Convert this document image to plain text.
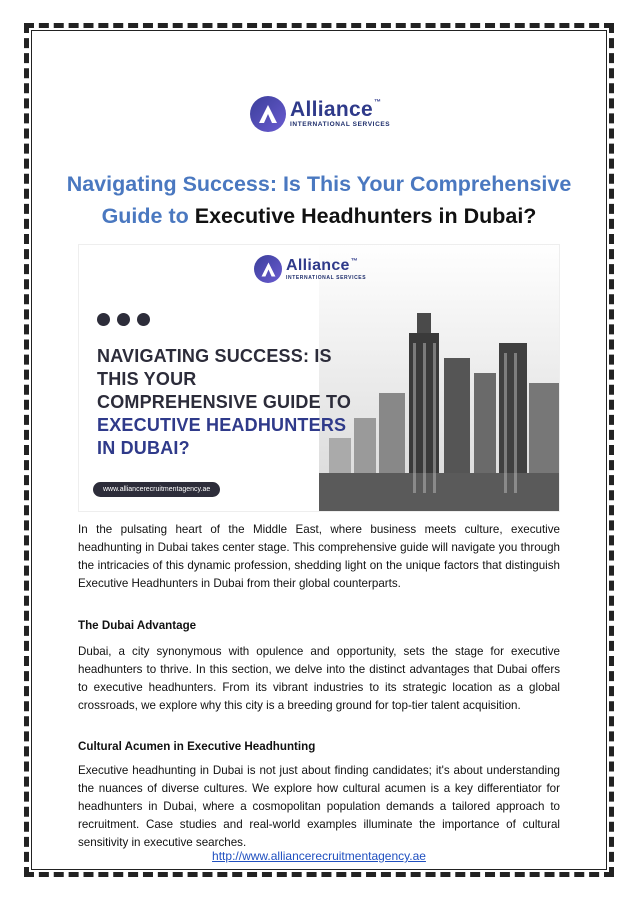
Alliance™
INTERNATIONAL SERVICES
Navigating Success: Is This Your Comprehensive
Guide to Executive Headhunters in Dubai?
Alliance™
INTERNATIONAL SERVICES
NAVIGATING SUCCESS: IS
THIS YOUR
COMPREHENSIVE GUIDE TO
EXECUTIVE HEADHUNTERS
IN DUBAI?
www.alliancerecruitmentagency.ae
In the pulsating heart of the Middle East, where business meets culture, executive headhunting in Dubai takes center stage. This comprehensive guide will navigate you through the intricacies of this dynamic profession, shedding light on the unique factors that distinguish Executive Headhunters in Dubai from their global counterparts.
The Dubai Advantage
Dubai, a city synonymous with opulence and opportunity, sets the stage for executive headhunters to thrive. In this section, we delve into the distinct advantages that Dubai offers to executive headhunters. From its vibrant industries to its strategic location as a global crossroads, we explore why this city is a breeding ground for top-tier talent acquisition.
Cultural Acumen in Executive Headhunting
Executive headhunting in Dubai is not just about finding candidates; it's about understanding the nuances of diverse cultures. We explore how cultural acumen is a key differentiator for headhunters in Dubai, where a cosmopolitan population demands a tailored approach to recruitment. Case studies and real-world examples illuminate the importance of cultural sensitivity in executive searches.
http://www.alliancerecruitmentagency.ae
